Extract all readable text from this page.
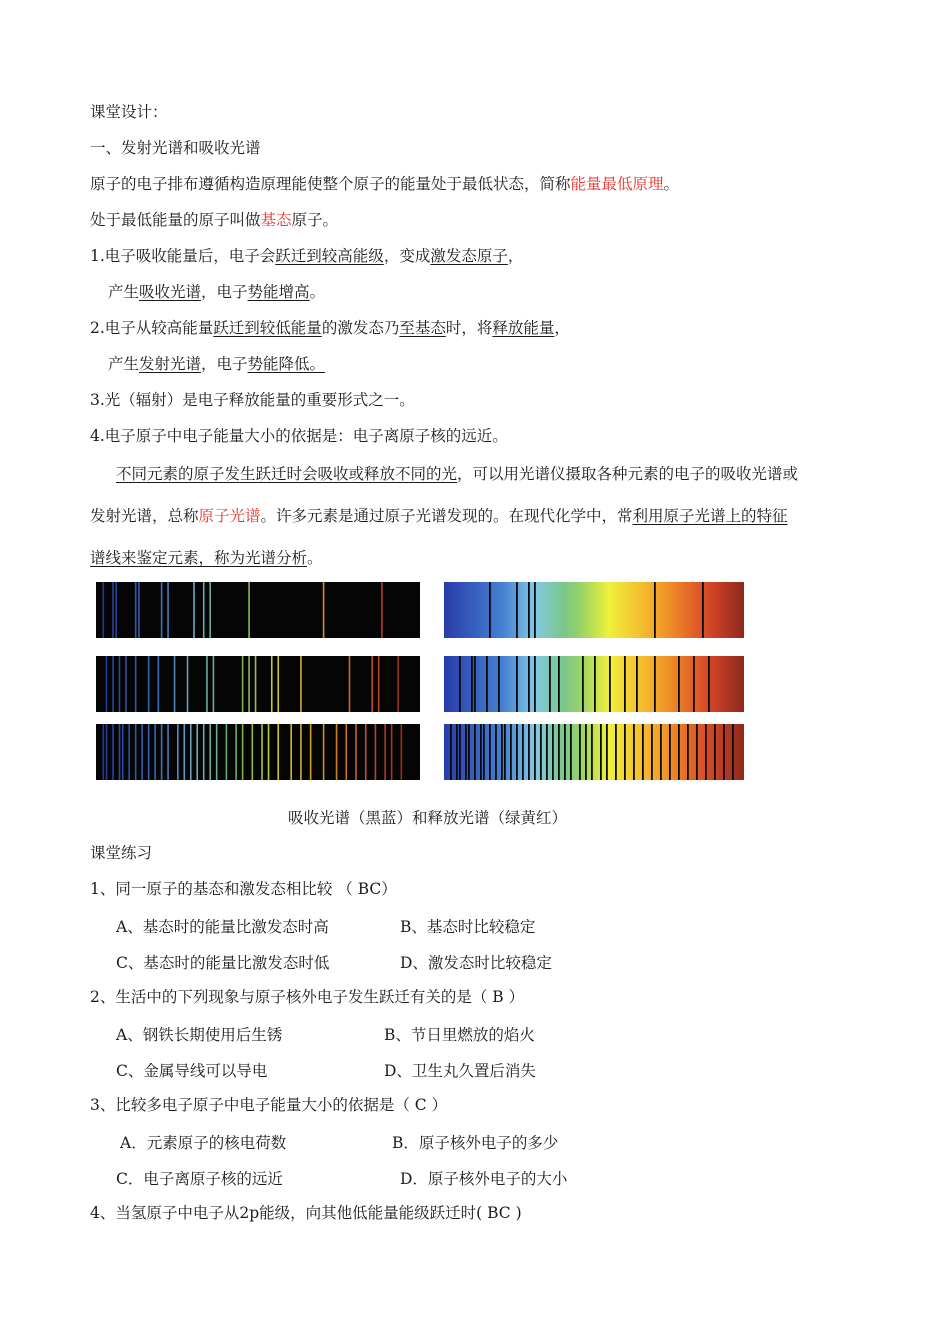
课堂设计：
一、发射光谱和吸收光谱
原子的电子排布遵循构造原理能使整个原子的能量处于最低状态，简称能量最低原理。
处于最低能量的原子叫做基态原子。
1.电子吸收能量后，电子会跃迁到较高能级，变成激发态原子，
产生吸收光谱，电子势能增高。
2.电子从较高能量跃迁到较低能量的激发态乃至基态时，将释放能量，
产生发射光谱，电子势能降低。
3.光（辐射）是电子释放能量的重要形式之一。
4.电子原子中电子能量大小的依据是：电子离原子核的远近。
不同元素的原子发生跃迁时会吸收或释放不同的光，可以用光谱仪摄取各种元素的电子的吸收光谱或
发射光谱，总称原子光谱。许多元素是通过原子光谱发现的。在现代化学中，常利用原子光谱上的特征
谱线来鉴定元素，称为光谱分析。
吸收光谱（黑蓝）和释放光谱（绿黄红）
课堂练习
1、同一原子的基态和激发态相比较 （ BC）
A、基态时的能量比激发态时高	B、基态时比较稳定
C、基态时的能量比激发态时低	D、激发态时比较稳定
2、生活中的下列现象与原子核外电子发生跃迁有关的是（ B ）
A、钢铁长期使用后生锈	B、节日里燃放的焰火
C、金属导线可以导电	D、卫生丸久置后消失
3、比较多电子原子中电子能量大小的依据是（ C ）
A．元素原子的核电荷数	B．原子核外电子的多少
C．电子离原子核的远近	D．原子核外电子的大小
4、当氢原子中电子从2p能级，向其他低能量能级跃迁时( BC )
